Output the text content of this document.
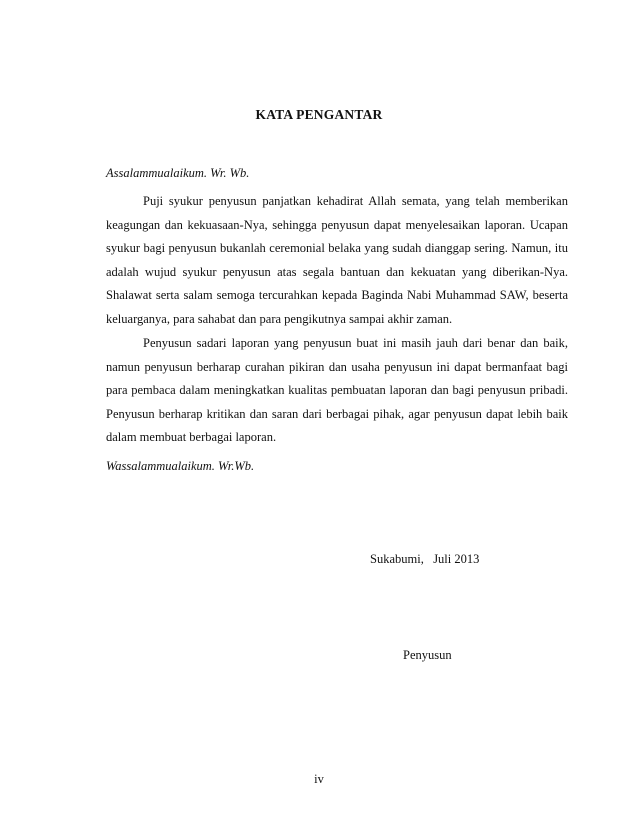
KATA PENGANTAR
Assalammualaikum. Wr. Wb.

Puji syukur penyusun panjatkan kehadirat Allah semata, yang telah memberikan keagungan dan kekuasaan-Nya, sehingga penyusun dapat menyelesaikan laporan. Ucapan syukur bagi penyusun bukanlah ceremonial belaka yang sudah dianggap sering. Namun, itu adalah wujud syukur penyusun atas segala bantuan dan kekuatan yang diberikan-Nya. Shalawat serta salam semoga tercurahkan kepada Baginda Nabi Muhammad SAW, beserta keluarganya, para sahabat dan para pengikutnya sampai akhir zaman.

Penyusun sadari laporan yang penyusun buat ini masih jauh dari benar dan baik, namun penyusun berharap curahan pikiran dan usaha penyusun ini dapat bermanfaat bagi para pembaca dalam meningkatkan kualitas pembuatan laporan dan bagi penyusun pribadi. Penyusun berharap kritikan dan saran dari berbagai pihak, agar penyusun dapat lebih baik dalam membuat berbagai laporan.

Wassalammualaikum. Wr.Wb.
Sukabumi,   Juli 2013
Penyusun
iv
